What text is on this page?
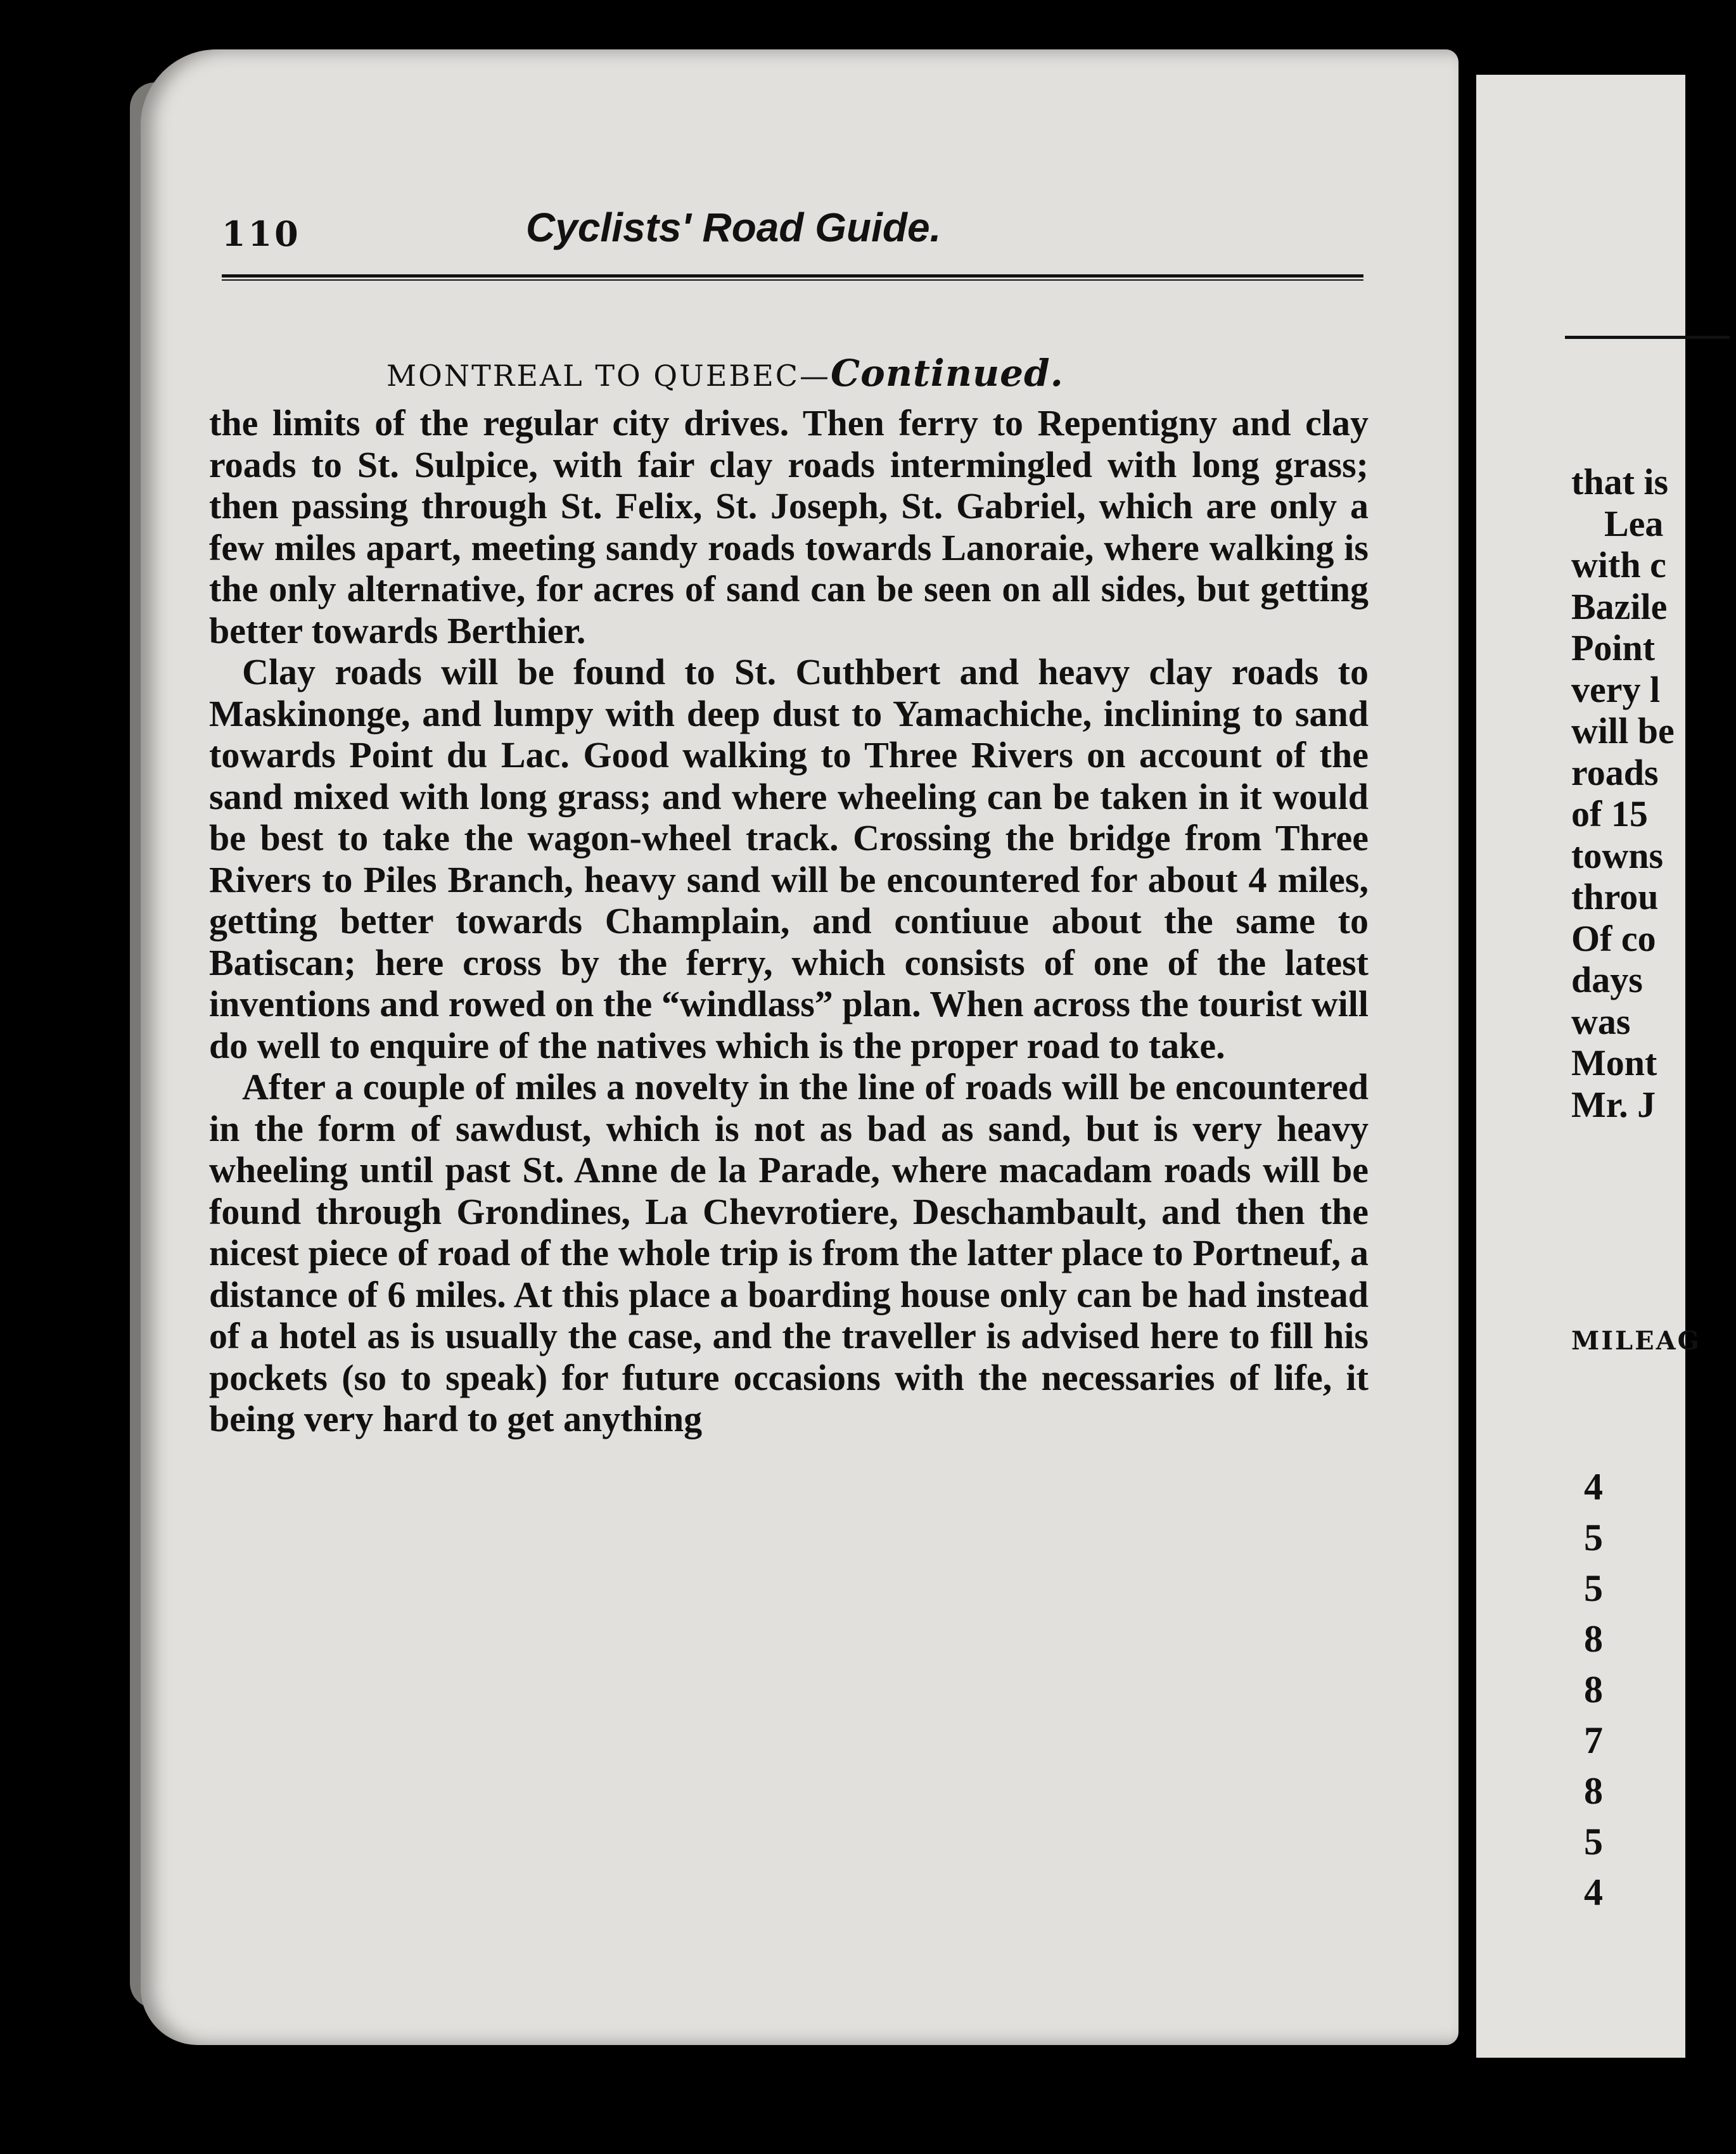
110	Cyclists' Road Guide.
MONTREAL TO QUEBEC—Continued.

the limits of the regular city drives. Then ferry to Repentigny and clay roads to St. Sulpice, with fair clay roads intermingled with long grass; then passing through St. Felix, St. Joseph, St. Gabriel, which are only a few miles apart, meeting sandy roads towards Lanoraie, where walking is the only alternative, for acres of sand can be seen on all sides, but getting better towards Berthier.

Clay roads will be found to St. Cuthbert and heavy clay roads to Maskinonge, and lumpy with deep dust to Yamachiche, inclining to sand towards Point du Lac. Good walking to Three Rivers on account of the sand mixed with long grass; and where wheeling can be taken in it would be best to take the wagon-wheel track. Crossing the bridge from Three Rivers to Piles Branch, heavy sand will be encountered for about 4 miles, getting better towards Champlain, and contiuue about the same to Batiscan; here cross by the ferry, which consists of one of the latest inventions and rowed on the “windlass” plan. When across the tourist will do well to enquire of the natives which is the proper road to take.

After a couple of miles a novelty in the line of roads will be encountered in the form of sawdust, which is not as bad as sand, but is very heavy wheeling until past St. Anne de la Parade, where macadam roads will be found through Grondines, La Chevrotiere, Deschambault, and then the nicest piece of road of the whole trip is from the latter place to Portneuf, a distance of 6 miles. At this place a boarding house only can be had instead of a hotel as is usually the case, and the traveller is advised here to fill his pockets (so to speak) for future occasions with the necessaries of life, it being very hard to get anything

that is
Lea
with c
Bazile
Point
very l
will be
roads
of 15
towns
throu
Of co
days
was
Mont
Mr. J
MILEAG
4
5
5
8
8
7
8
5
4
